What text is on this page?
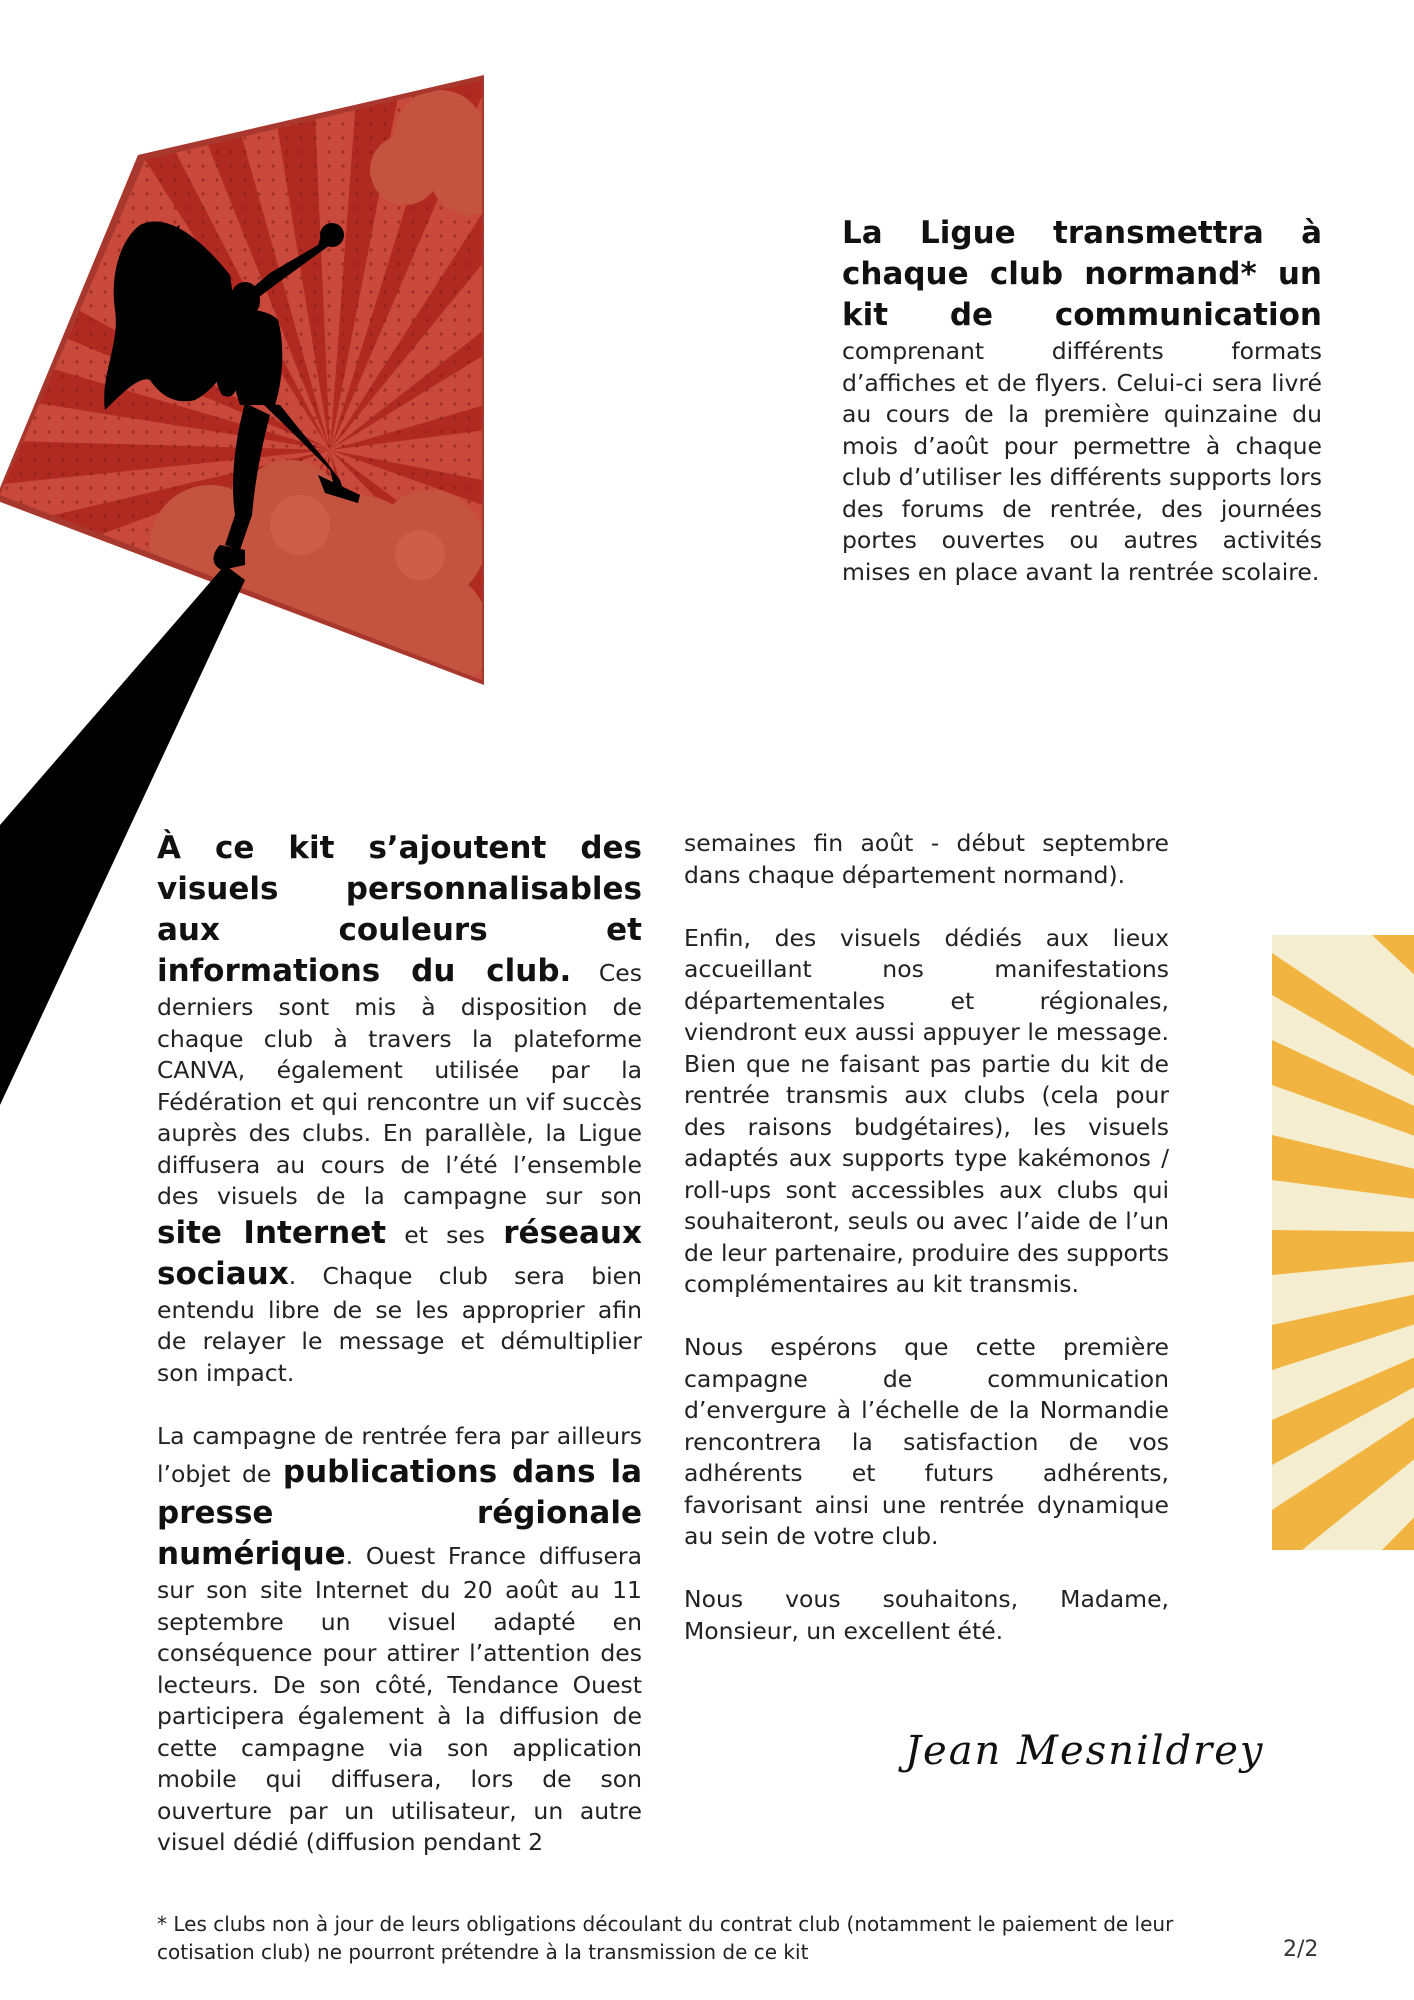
La Ligue transmettra à chaque club normand* un kit de communication comprenant différents formats d’affiches et de flyers. Celui-ci sera livré au cours de la première quinzaine du mois d’août pour permettre à chaque club d’utiliser les différents supports lors des forums de rentrée, des journées portes ouvertes ou autres activités mises en place avant la rentrée scolaire.

À ce kit s’ajoutent des visuels personnalisables aux couleurs et informations du club. Ces derniers sont mis à disposition de chaque club à travers la plateforme CANVA, également utilisée par la Fédération et qui rencontre un vif succès auprès des clubs. En parallèle, la Ligue diffusera au cours de l’été l’ensemble des visuels de la campagne sur son site Internet et ses réseaux sociaux. Chaque club sera bien entendu libre de se les approprier afin de relayer le message et démultiplier son impact.

La campagne de rentrée fera par ailleurs l’objet de publications dans la presse régionale numérique. Ouest France diffusera sur son site Internet du 20 août au 11 septembre un visuel adapté en conséquence pour attirer l’attention des lecteurs. De son côté, Tendance Ouest participera également à la diffusion de cette campagne via son application mobile qui diffusera, lors de son ouverture par un utilisateur, un autre visuel dédié (diffusion pendant 2

semaines fin août - début septembre dans chaque département normand).

Enfin, des visuels dédiés aux lieux accueillant nos manifestations départementales et régionales, viendront eux aussi appuyer le message. Bien que ne faisant pas partie du kit de rentrée transmis aux clubs (cela pour des raisons budgétaires), les visuels adaptés aux supports type kakémonos / roll-ups sont accessibles aux clubs qui souhaiteront, seuls ou avec l’aide de l’un de leur partenaire, produire des supports complémentaires au kit transmis.

Nous espérons que cette première campagne de communication d’envergure à l’échelle de la Normandie rencontrera la satisfaction de vos adhérents et futurs adhérents, favorisant ainsi une rentrée dynamique au sein de votre club.

Nous vous souhaitons, Madame, Monsieur, un excellent été.

Jean Mesnildrey

* Les clubs non à jour de leurs obligations découlant du contrat club (notamment le paiement de leur cotisation club) ne pourront prétendre à la transmission de ce kit	2/2
